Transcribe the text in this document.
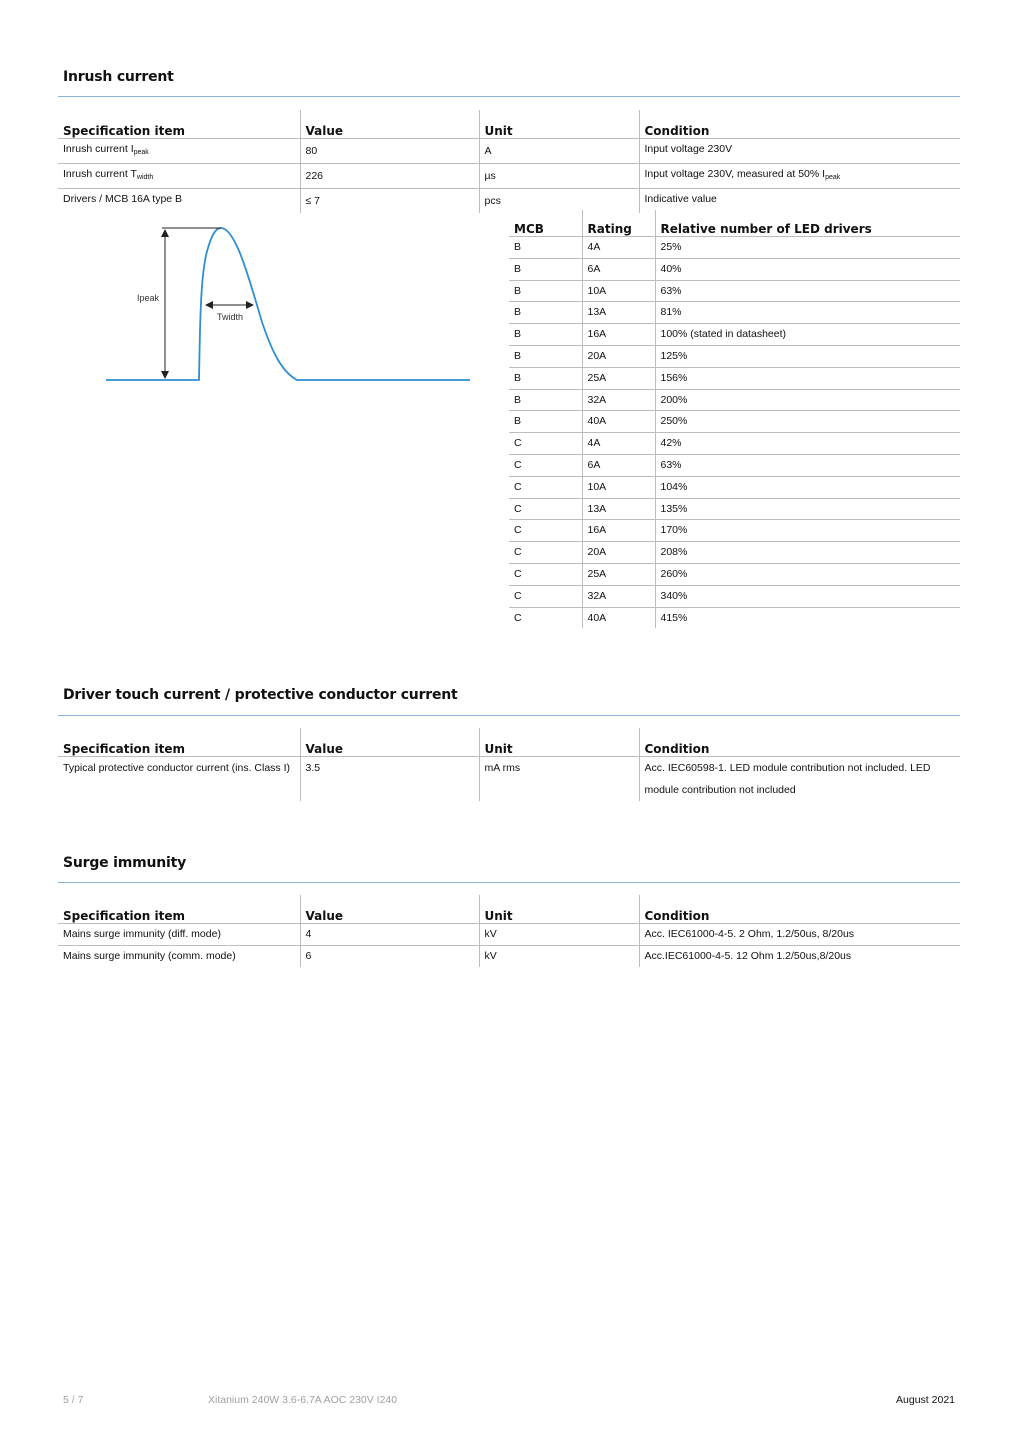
Inrush current
Specification item	Value	Unit	Condition
Inrush current $I_{peak}$	80	A	Input voltage 230V
Inrush current $T_{width}$	226	µs	Input voltage 230V, measured at 50% $I_{peak}$
Drivers / MCB 16A type B	≤ 7	pcs	Indicative value
Ipeak
Twidth
MCB	Rating	Relative number of LED drivers
B	4A	25%
B	6A	40%
B	10A	63%
B	13A	81%
B	16A	100% (stated in datasheet)
B	20A	125%
B	25A	156%
B	32A	200%
B	40A	250%
C	4A	42%
C	6A	63%
C	10A	104%
C	13A	135%
C	16A	170%
C	20A	208%
C	25A	260%
C	32A	340%
C	40A	415%
Driver touch current / protective conductor current
Specification item	Value	Unit	Condition
Typical protective conductor current (ins. Class I)	3.5	mA rms	Acc. IEC60598-1. LED module contribution not included. LED module contribution not included
Surge immunity
Specification item	Value	Unit	Condition
Mains surge immunity (diff. mode)	4	kV	Acc. IEC61000-4-5. 2 Ohm, 1.2/50us, 8/20us
Mains surge immunity (comm. mode)	6	kV	Acc.IEC61000-4-5. 12 Ohm 1.2/50us,8/20us
5 / 7	Xitanium 240W 3.6-6.7A AOC 230V I240	August 2021
